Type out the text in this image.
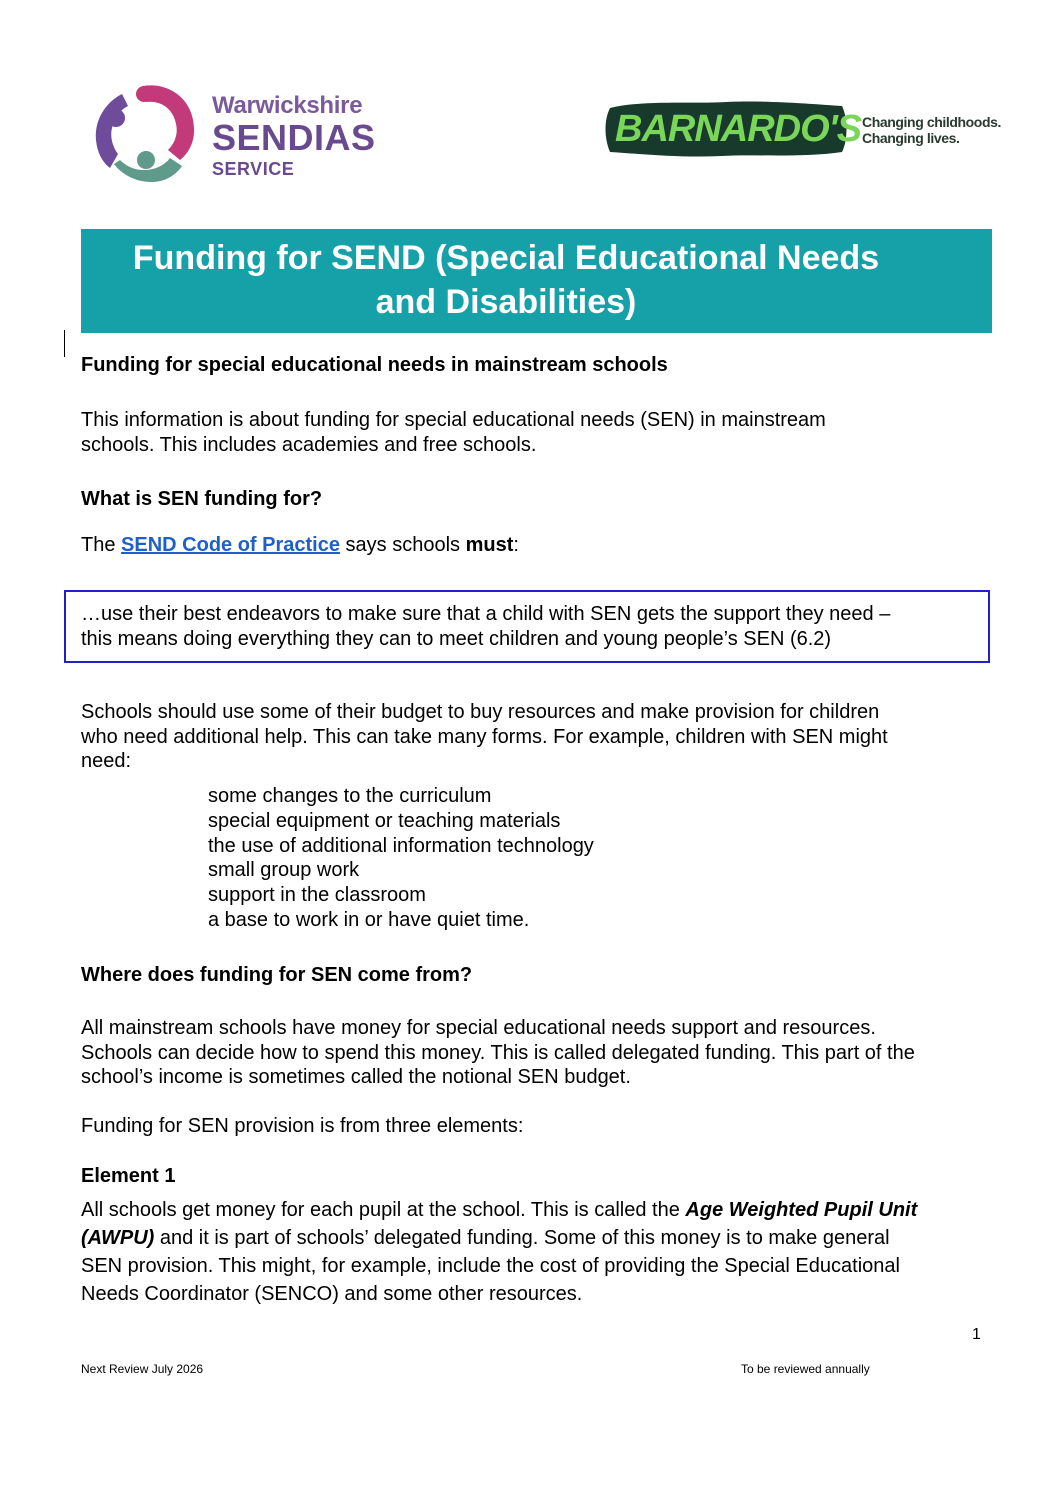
Warwickshire
SENDIAS
SERVICE
BARNARDO'S Changing childhoods.
Changing lives.
Funding for SEND (Special Educational Needs
and Disabilities)

Funding for special educational needs in mainstream schools

This information is about funding for special educational needs (SEN) in mainstream

schools. This includes academies and free schools.

What is SEN funding for?

The SEND Code of Practice says schools must:

…use their best endeavors to make sure that a child with SEN gets the support they need –

this means doing everything they can to meet children and young people’s SEN (6.2)

Schools should use some of their budget to buy resources and make provision for children

who need additional help. This can take many forms. For example, children with SEN might

need:

some changes to the curriculum
special equipment or teaching materials
the use of additional information technology
small group work
support in the classroom
a base to work in or have quiet time.

Where does funding for SEN come from?

All mainstream schools have money for special educational needs support and resources.

Schools can decide how to spend this money. This is called delegated funding. This part of the

school’s income is sometimes called the notional SEN budget.

Funding for SEN provision is from three elements:

Element 1

All schools get money for each pupil at the school. This is called the Age Weighted Pupil Unit

(AWPU) and it is part of schools’ delegated funding. Some of this money is to make general

SEN provision. This might, for example, include the cost of providing the Special Educational

Needs Coordinator (SENCO) and some other resources.

1
Next Review July 2026	To be reviewed annually
